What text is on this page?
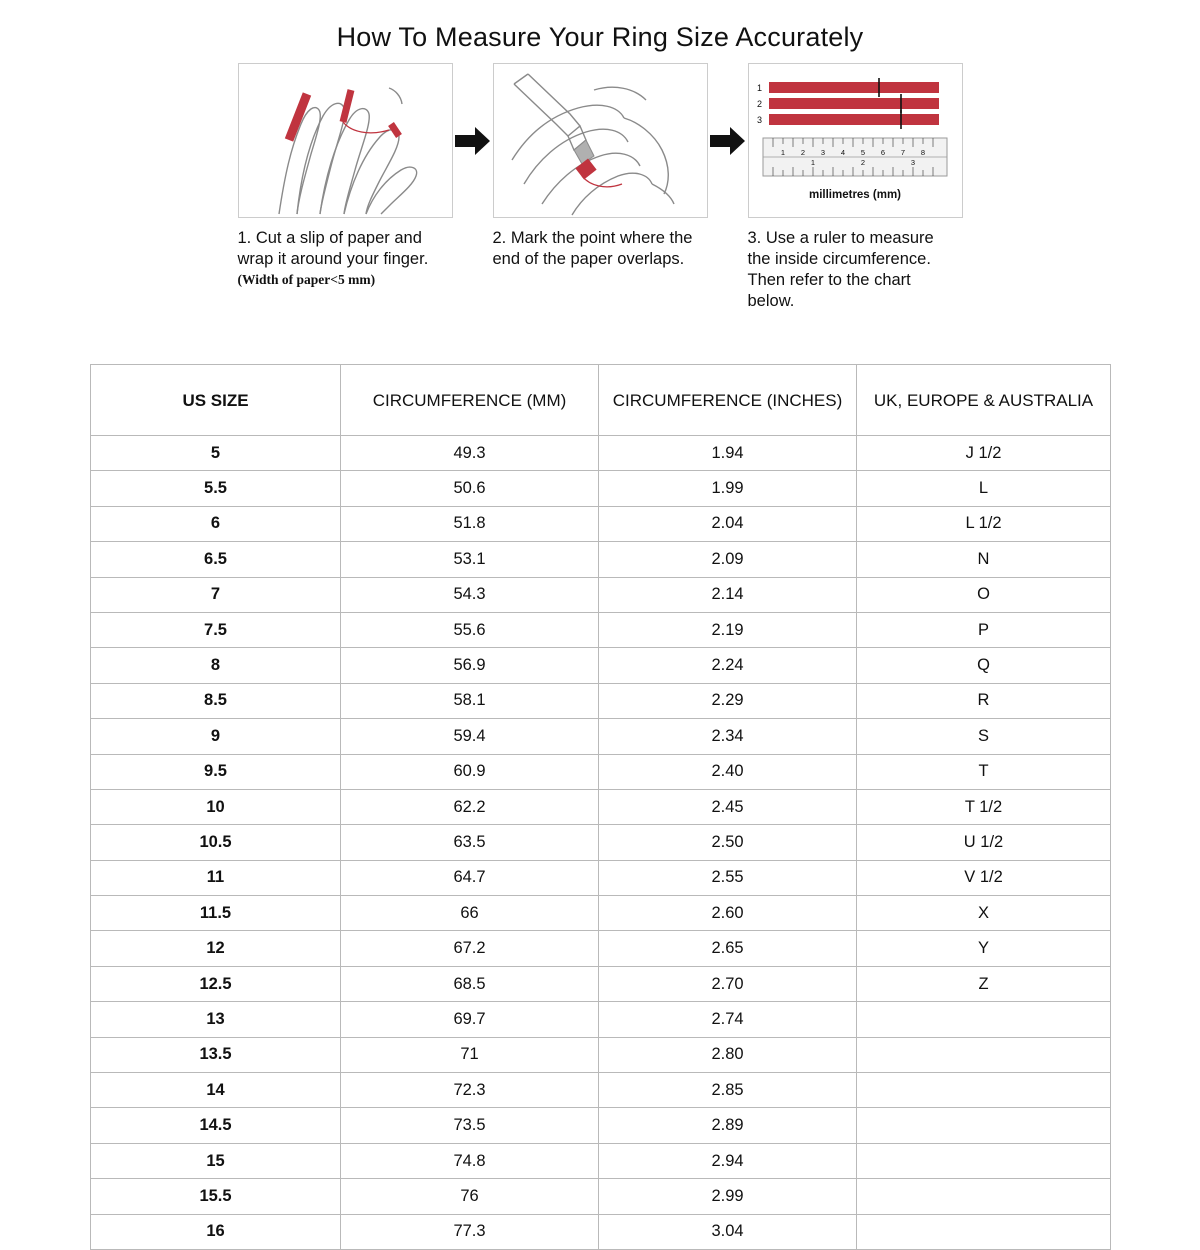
How To Measure Your Ring Size Accurately
1. Cut a slip of paper and wrap it around your finger.
(Width of paper<5 mm)
2. Mark the point where the end of the paper overlaps.
1
2
3
1 2 3 4 5 6 7 8
1	2	3
millimetres (mm)
3. Use a ruler to measure the inside circumference. Then refer to the chart below.
US SIZE	CIRCUMFERENCE (MM)	CIRCUMFERENCE (INCHES)	UK, EUROPE & AUSTRALIA
5	49.3	1.94	J 1/2
5.5	50.6	1.99	L
6	51.8	2.04	L 1/2
6.5	53.1	2.09	N
7	54.3	2.14	O
7.5	55.6	2.19	P
8	56.9	2.24	Q
8.5	58.1	2.29	R
9	59.4	2.34	S
9.5	60.9	2.40	T
10	62.2	2.45	T 1/2
10.5	63.5	2.50	U 1/2
11	64.7	2.55	V 1/2
11.5	66	2.60	X
12	67.2	2.65	Y
12.5	68.5	2.70	Z
13	69.7	2.74	
13.5	71	2.80	
14	72.3	2.85	
14.5	73.5	2.89	
15	74.8	2.94	
15.5	76	2.99	
16	77.3	3.04	
